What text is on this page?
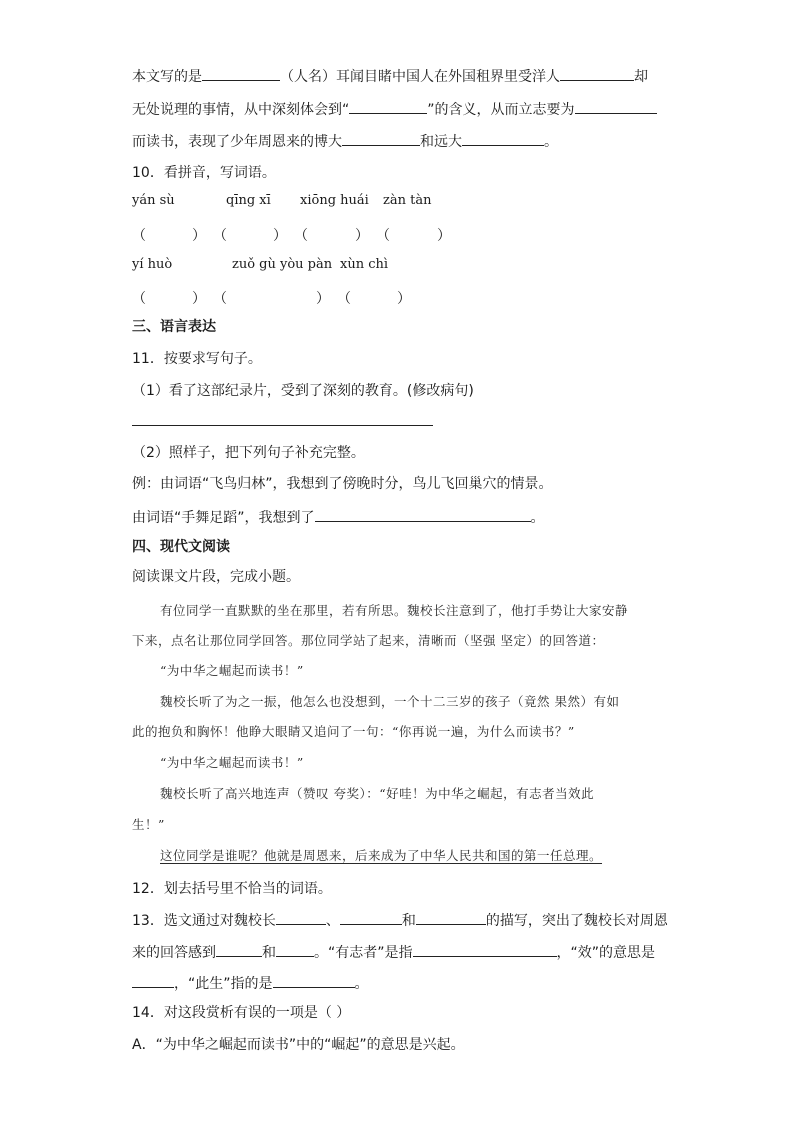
本文写的是	（人名）耳闻目睹中国人在外国租界里受洋人	却
无处说理的事情，从中深刻体会到“	”的含义，从而立志要为
而读书，表现了少年周恩来的博大	和远大	。
10．看拼音，写词语。
yán sù	qīng xī xiōng huái zàn tàn
（	） （	） （	） （	）
yí huò	zuǒ gù yòu pàn xùn chì
（	） （	） （	）
三、语言表达
11．按要求写句子。
（1）看了这部纪录片，受到了深刻的教育。(修改病句)
（2）照样子，把下列句子补充完整。
例：由词语“飞鸟归林”，我想到了傍晚时分，鸟儿飞回巢穴的情景。
由词语“手舞足蹈”，我想到了	。
四、现代文阅读
阅读课文片段，完成小题。
有位同学一直默默的坐在那里，若有所思。魏校长注意到了，他打手势让大家安静
下来，点名让那位同学回答。那位同学站了起来，清晰而（坚强 坚定）的回答道：
“为中华之崛起而读书！”
魏校长听了为之一振，他怎么也没想到，一个十二三岁的孩子（竟然 果然）有如
此的抱负和胸怀！他睁大眼睛又追问了一句：“你再说一遍，为什么而读书？”
“为中华之崛起而读书！”
魏校长听了高兴地连声（赞叹 夸奖）：“好哇！为中华之崛起，有志者当效此
生！”
这位同学是谁呢？他就是周恩来，后来成为了中华人民共和国的第一任总理。
12．划去括号里不恰当的词语。
13．选文通过对魏校长	、	和	的描写，突出了魏校长对周恩
来的回答感到	和	。“有志者”是指	，“效”的意思是
，“此生”指的是	。
14．对这段赏析有误的一项是（ ）
A．“为中华之崛起而读书”中的“崛起”的意思是兴起。
